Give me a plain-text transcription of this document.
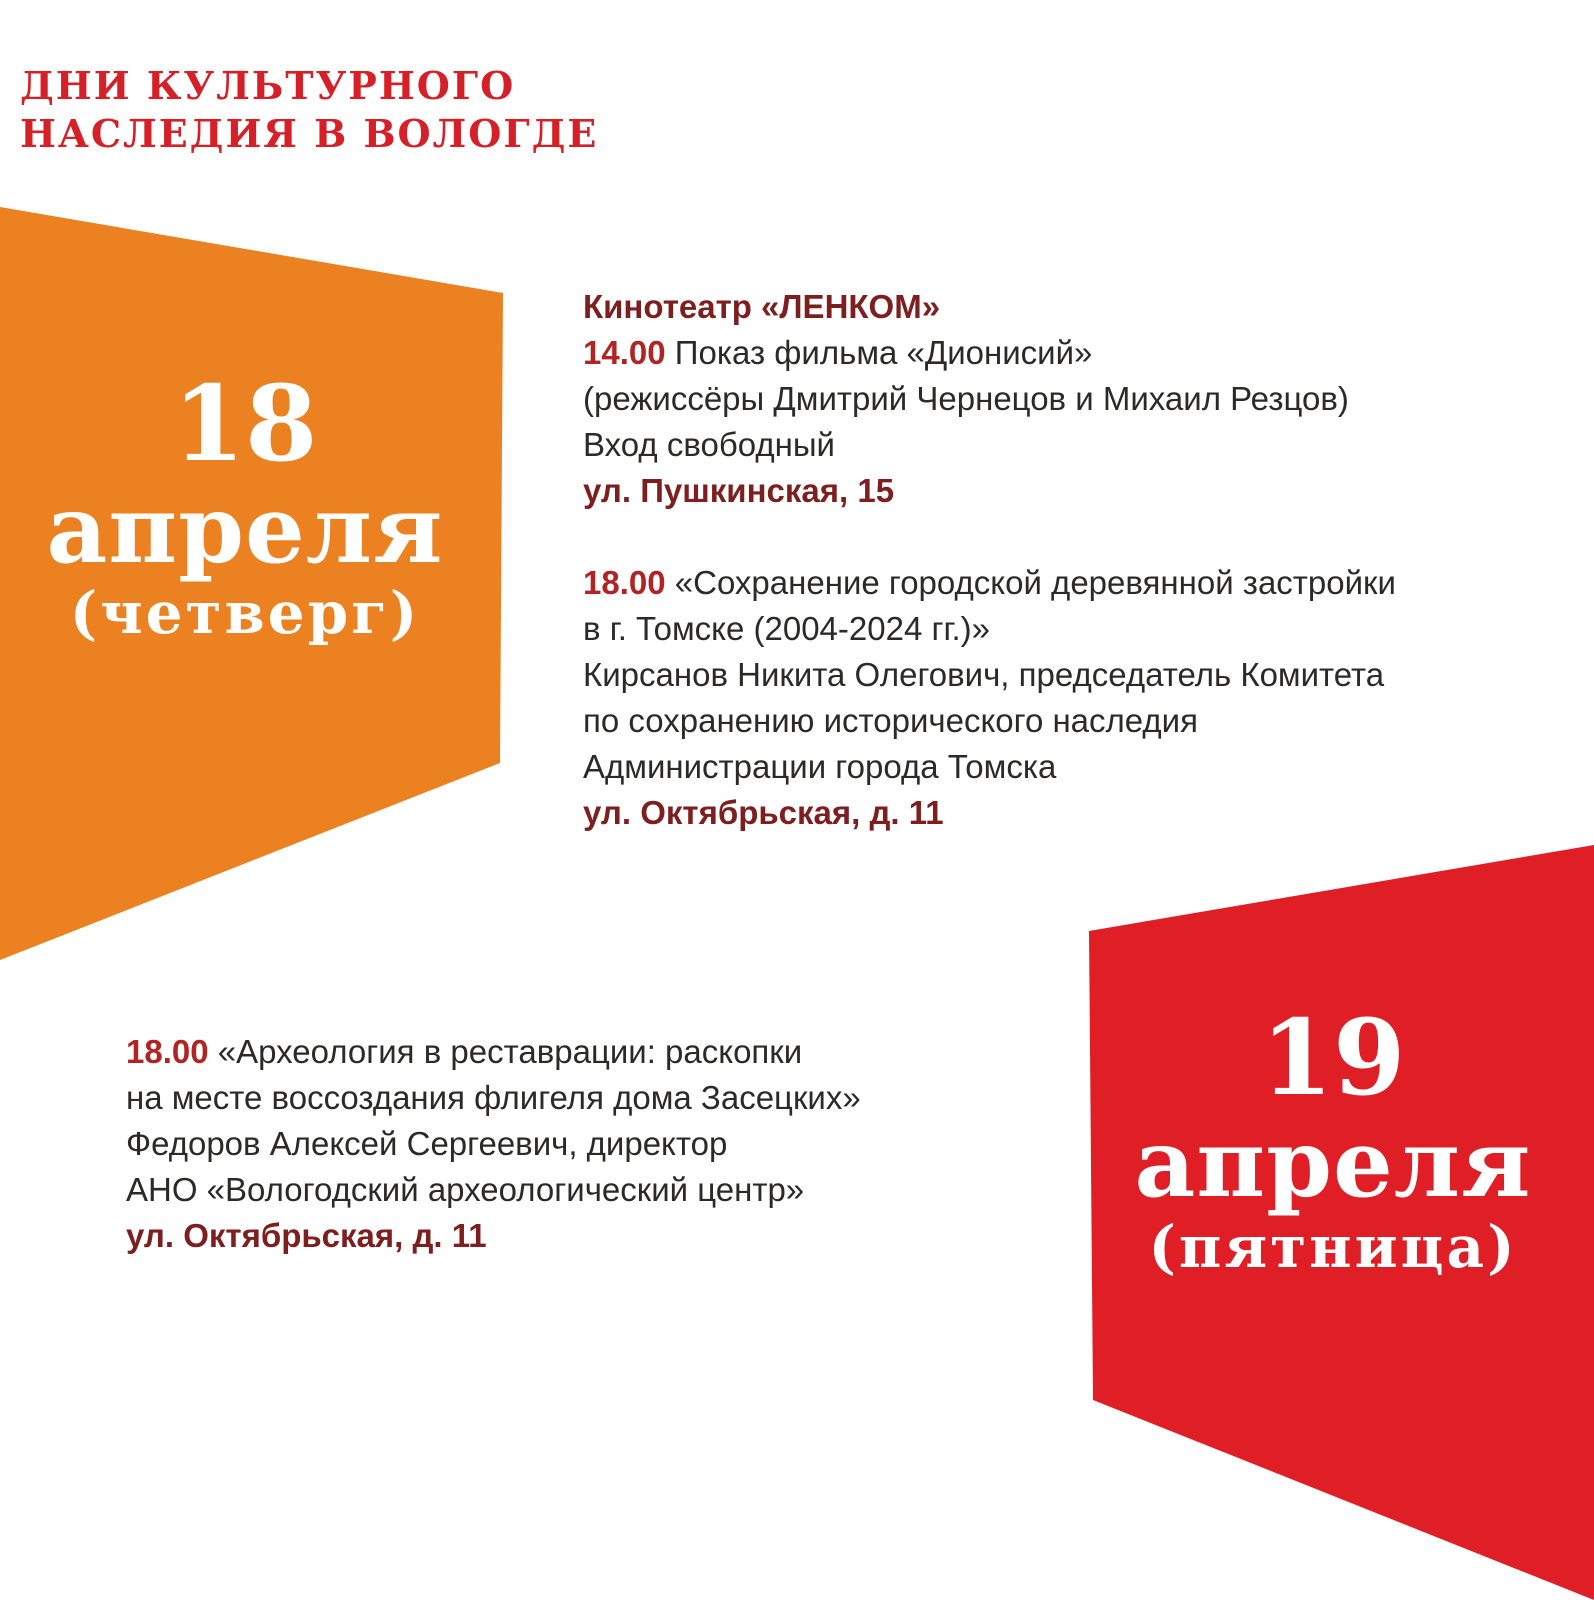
ДНИ КУЛЬТУРНОГО
НАСЛЕДИЯ В ВОЛОГДЕ
18
апреля
(четверг)
19
апреля
(пятница)
Кинотеатр «ЛЕНКОМ»
14.00 Показ фильма «Дионисий»
(режиссёры Дмитрий Чернецов и Михаил Резцов)
Вход свободный
ул. Пушкинская, 15
18.00 «Сохранение городской деревянной застройки
в г. Томске (2004-2024 гг.)»
Кирсанов Никита Олегович, председатель Комитета
по сохранению исторического наследия
Администрации города Томска
ул. Октябрьская, д. 11
18.00 «Археология в реставрации: раскопки
на месте воссоздания флигеля дома Засецких»
Федоров Алексей Сергеевич, директор
АНО «Вологодский археологический центр»
ул. Октябрьская, д. 11
